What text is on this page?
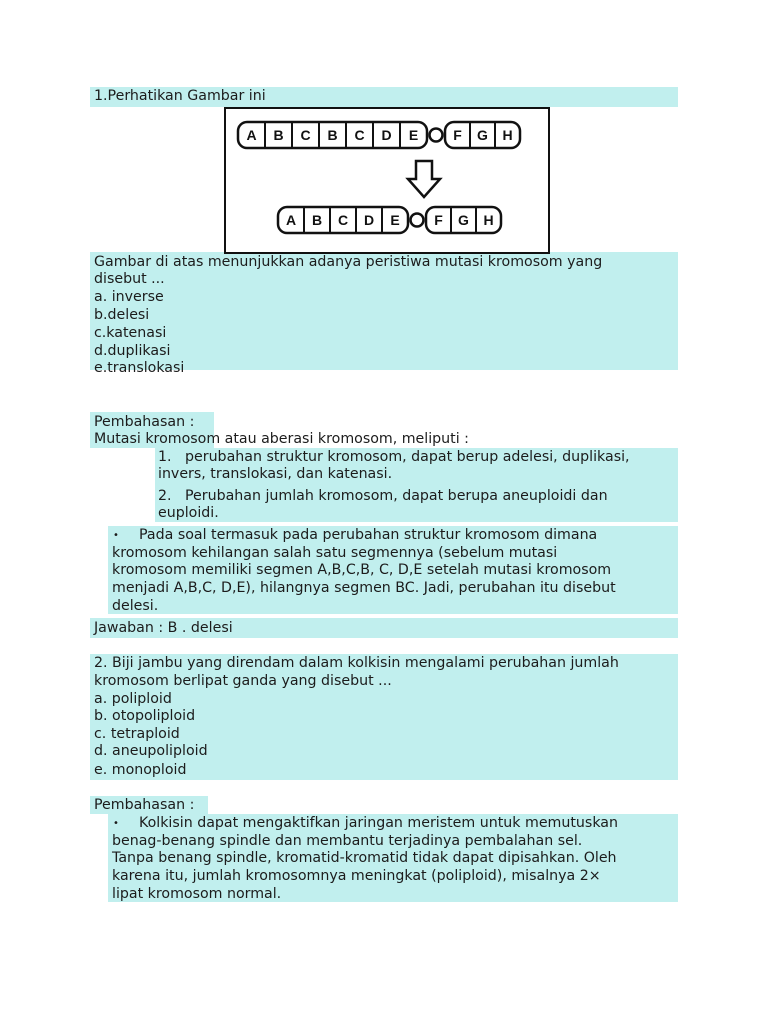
1.Perhatikan Gambar ini
A B C B C D E	F G H
A B C D E F G H
Gambar di atas menunjukkan adanya peristiwa mutasi kromosom yang
disebut ...
a. inverse
b.delesi
c.katenasi
d.duplikasi
e.translokasi
Pembahasan :
Mutasi kromosom atau aberasi kromosom, meliputi :
1. perubahan struktur kromosom, dapat berup adelesi, duplikasi,
invers, translokasi, dan katenasi.
2. Perubahan jumlah kromosom, dapat berupa aneuploidi dan
euploidi.
• Pada soal termasuk pada perubahan struktur kromosom dimana
kromosom kehilangan salah satu segmennya (sebelum mutasi
kromosom memiliki segmen A,B,C,B, C, D,E setelah mutasi kromosom
menjadi A,B,C, D,E), hilangnya segmen BC. Jadi, perubahan itu disebut
delesi.
Jawaban : B . delesi
2. Biji jambu yang direndam dalam kolkisin mengalami perubahan jumlah
kromosom berlipat ganda yang disebut ...
a. poliploid
b. otopoliploid
c. tetraploid
d. aneupoliploid
e. monoploid
Pembahasan :
• Kolkisin dapat mengaktifkan jaringan meristem untuk memutuskan
benag-benang spindle dan membantu terjadinya pembalahan sel.
Tanpa benang spindle, kromatid-kromatid tidak dapat dipisahkan. Oleh
karena itu, jumlah kromosomnya meningkat (poliploid), misalnya 2×
lipat kromosom normal.
